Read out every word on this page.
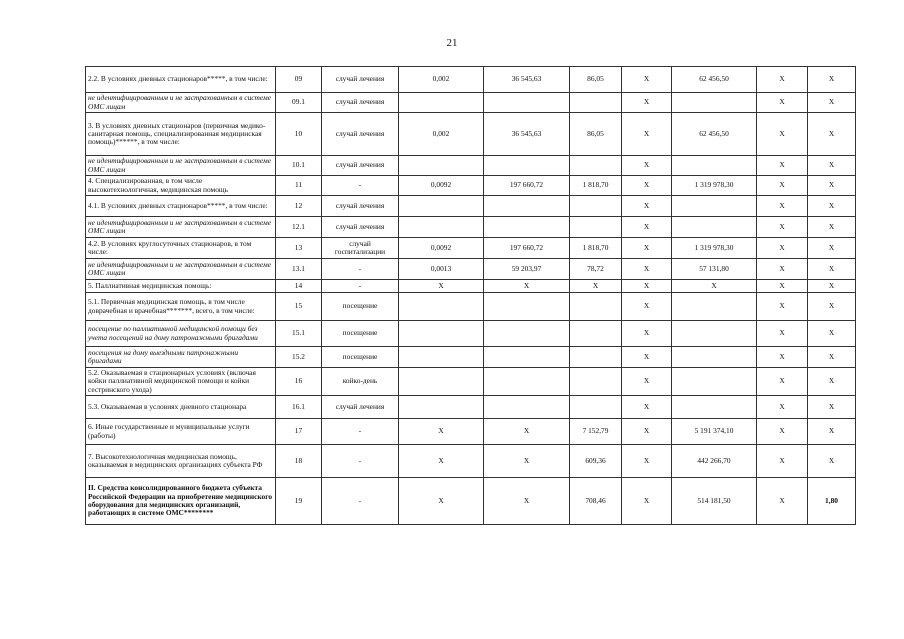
21
2.2. В условиях дневных стационаров*****, в том числе:	09	случай лечения	0,002	36 545,63	86,05	X	62 456,50	X	X
не идентифицированным и не застрахованным в системе ОМС лицам	09.1	случай лечения				X		X	X
3. В условиях дневных стационаров (первичная медико-санитарная помощь, специализированная медицинская помощь)******, в том числе:	10	случай лечения	0,002	36 545,63	86,05	X	62 456,50	X	X
не идентифицированным и не застрахованным в системе ОМС лицам	10.1	случай лечения				X		X	X
4. Специализированная, в том числе высокотехнологичная, медицинская помощь	11	-	0,0092	197 660,72	1 818,70	X	1 319 978,30	X	X
4.1. В условиях дневных стационаров*****, в том числе:	12	случай лечения				X		X	X
не идентифицированным и не застрахованным в системе ОМС лицам	12.1	случай лечения				X		X	X
4.2. В условиях круглосуточных стационаров, в том числе:	13	случай госпитализации	0,0092	197 660,72	1 818,70	X	1 319 978,30	X	X
не идентифицированным и не застрахованным в системе ОМС лицам	13.1	-	0,0013	59 203,97	78,72	X	57 131,80	X	X
5. Паллиативная медицинская помощь:	14	-	X	X	X	X	X	X	X
5.1. Первичная медицинская помощь, в том числе доврачебная и врачебная*******, всего, в том числе:	15	посещение				X		X	X
посещение по паллиативной медицинской помощи без учета посещений на дому патронажными бригадами	15.1	посещение				X		X	X
посещения на дому выездными патронажными бригадами	15.2	посещение				X		X	X
5.2. Оказываемая в стационарных условиях (включая койки паллиативной медицинской помощи и койки сестринского ухода)	16	койко-день				X		X	X
5.3. Оказываемая в условиях дневного стационара	16.1	случай лечения				X		X	X
6. Иные государственные и муниципальные услуги (работы)	17	-	X	X	7 152,79	X	5 191 374,10	X	X
7. Высокотехнологичная медицинская помощь, оказываемая в медицинских организациях субъекта РФ	18	-	X	X	609,36	X	442 266,70	X	X
II. Средства консолидированного бюджета субъекта Российской Федерации на приобретение медицинского оборудования для медицинских организаций, работающих в системе ОМС********	19	-	X	X	708,46	X	514 181,50	X	1,80
